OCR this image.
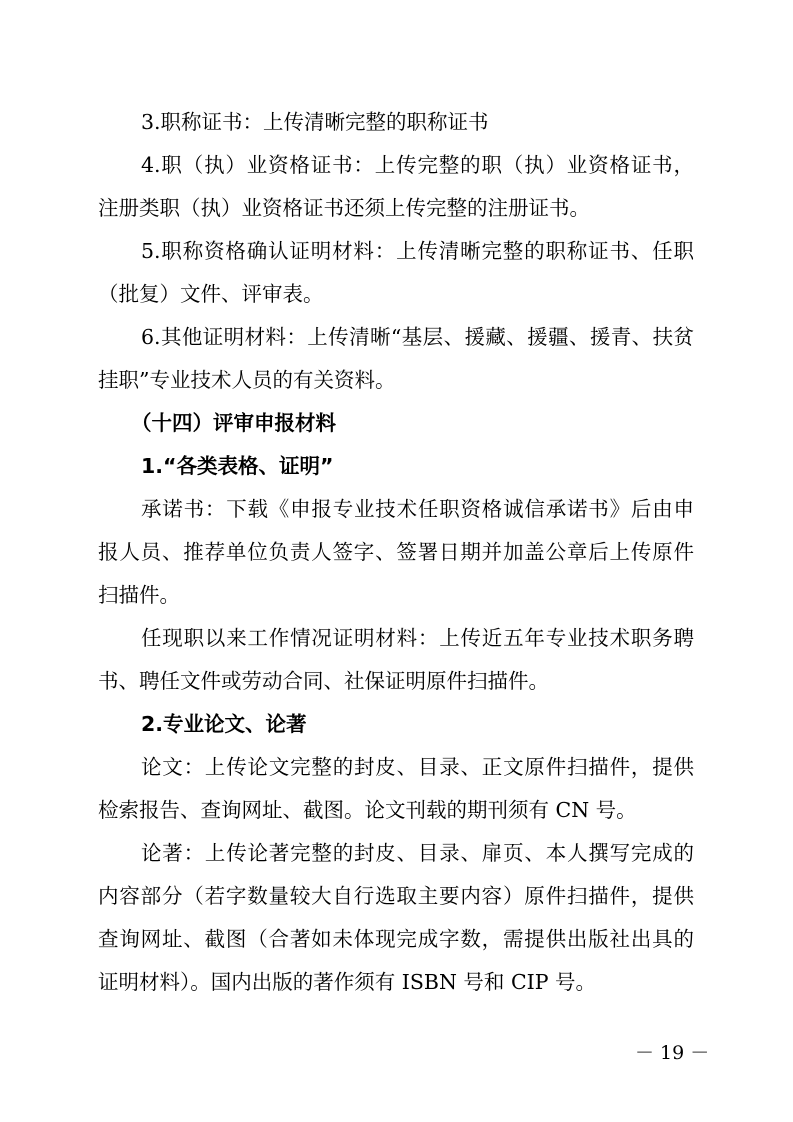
3.职称证书：上传清晰完整的职称证书
4.职（执）业资格证书：上传完整的职（执）业资格证书，
注册类职（执）业资格证书还须上传完整的注册证书。
5.职称资格确认证明材料：上传清晰完整的职称证书、任职
（批复）文件、评审表。
6.其他证明材料：上传清晰“基层、援藏、援疆、援青、扶贫
挂职”专业技术人员的有关资料。
（十四）评审申报材料
1.“各类表格、证明”
承诺书：下载《申报专业技术任职资格诚信承诺书》后由申
报人员、推荐单位负责人签字、签署日期并加盖公章后上传原件
扫描件。
任现职以来工作情况证明材料：上传近五年专业技术职务聘
书、聘任文件或劳动合同、社保证明原件扫描件。
2.专业论文、论著
论文：上传论文完整的封皮、目录、正文原件扫描件，提供
检索报告、查询网址、截图。论文刊载的期刊须有 CN 号。
论著：上传论著完整的封皮、目录、扉页、本人撰写完成的
内容部分（若字数量较大自行选取主要内容）原件扫描件，提供
查询网址、截图（合著如未体现完成字数，需提供出版社出具的
证明材料）。国内出版的著作须有 ISBN 号和 CIP 号。
－ 19 －
